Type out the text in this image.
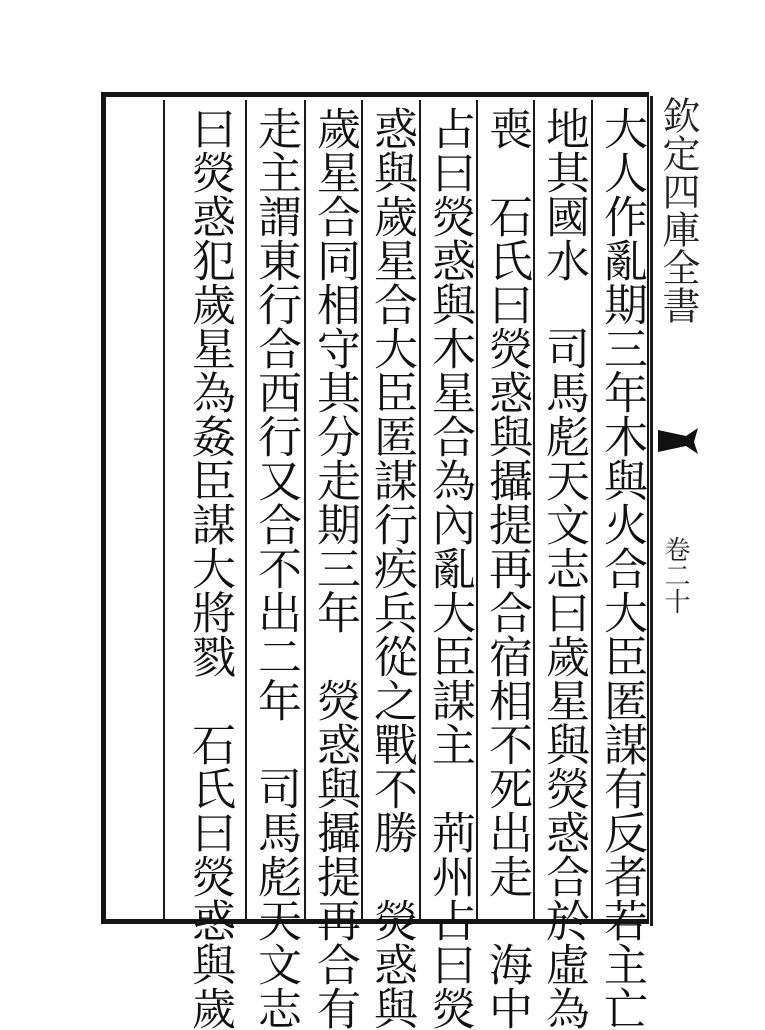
欽定四庫全書
卷二十
大人作亂期三年木與火合大臣匿謀有反者若主亡
地其國水　司馬彪天文志曰歲星與熒惑合於虛為
喪　石氏曰熒惑與攝提再合宿相不死出走　海中
占曰熒惑與木星合為內亂大臣謀主　荊州占曰熒
惑與歲星合大臣匿謀行疾兵從之戰不勝　熒惑與
歲星合同相守其分走期三年　熒惑與攝提再合有
走主謂東行合西行又合不出二年　司馬彪天文志
曰熒惑犯歲星為姦臣謀大將戮　石氏曰熒惑與歲
